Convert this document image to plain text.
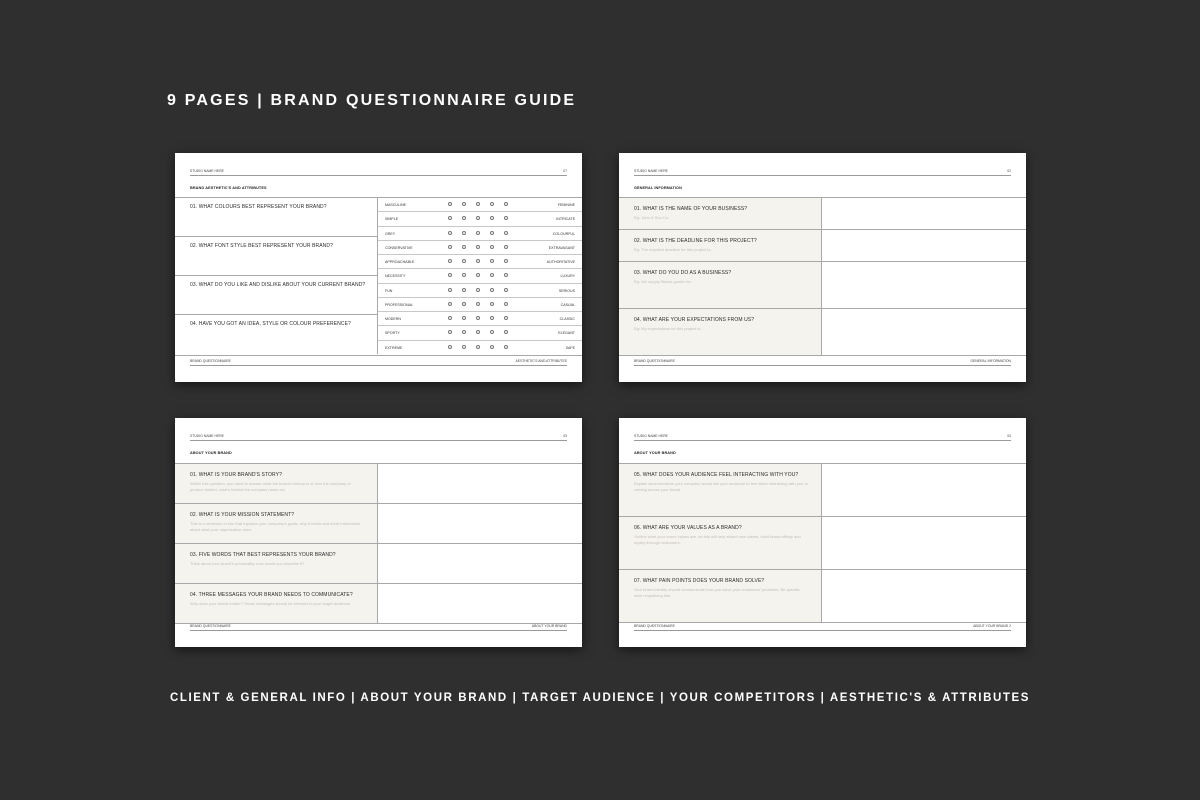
9 PAGES | BRAND QUESTIONNAIRE GUIDE
STUDIO NAME HERE	07
BRAND AESTHETIC'S AND ATTRIBUTES
01. WHAT COLOURS BEST REPRESENT YOUR BRAND?
02. WHAT FONT STYLE BEST REPRESENT YOUR BRAND?
03. WHAT DO YOU LIKE AND DISLIKE ABOUT YOUR CURRENT BRAND?
04. HAVE YOU GOT AN IDEA, STYLE OR COLOUR PREFERENCE?
MASCULINE	FEMININE
SIMPLE	INTRICATE
GREY	COLOURFUL
CONSERVATIVE	EXTRAVAGANT
APPROACHABLE	AUTHORITATIVE
NECESSITY	LUXURY
FUN	SERIOUS
PROFESSIONAL	CASUAL
MODERN	CLASSIC
SPORTY	ELEGANT
EXTREME	SAFE
BRAND QUESTIONNAIRE	AESTHETIC'S AND ATTRIBUTES
STUDIO NAME HERE	02
GENERAL INFORMATION
01. WHAT IS THE NAME OF YOUR BUSINESS?
Eg: John & Son Co.
02. WHAT IS THE DEADLINE FOR THIS PROJECT?
Eg: The required deadline for this project is...
03. WHAT DO YOU DO AS A BUSINESS?
Eg: We supply fitness goods for...
04. WHAT ARE YOUR EXPECTATIONS FROM US?
Eg: My expectations for this project is...
BRAND QUESTIONNAIRE	GENERAL INFORMATION
STUDIO NAME HERE	03
ABOUT YOUR BRAND
01. WHAT IS YOUR BRAND'S STORY?
Within this question, you need to answer what the brand's history is or how the company or product started, what's behind the company name etc.
02. WHAT IS YOUR MISSION STATEMENT?
This is a sentence or two that explains your company's goals, why it exists and more information about what your organisation does.
03. FIVE WORDS THAT BEST REPRESENTS YOUR BRAND?
Think about your brand's personality, how would you describe it?
04. THREE MESSAGES YOUR BRAND NEEDS TO COMMUNICATE?
Why does your brand matter? These messages should be relevant to your target audience.
BRAND QUESTIONNAIRE	ABOUT YOUR BRAND
STUDIO NAME HERE	04
ABOUT YOUR BRAND
05. WHAT DOES YOUR AUDIENCE FEEL INTERACTING WITH YOU?
Explain what emotions your company would like your audience to feel when interacting with you or coming across your brand.
06. WHAT ARE YOUR VALUES AS A BRAND?
Outline what your brand values are, as this will help attract new clients, build brand affinity and loyalty through customers.
07. WHAT PAIN POINTS DOES YOUR BRAND SOLVE?
Your brand identity should communicate how you solve your customers' problems. Be specific when explaining this.
BRAND QUESTIONNAIRE	ABOUT YOUR BRAND 2
CLIENT & GENERAL INFO | ABOUT YOUR BRAND | TARGET AUDIENCE | YOUR COMPETITORS | AESTHETIC'S & ATTRIBUTES
